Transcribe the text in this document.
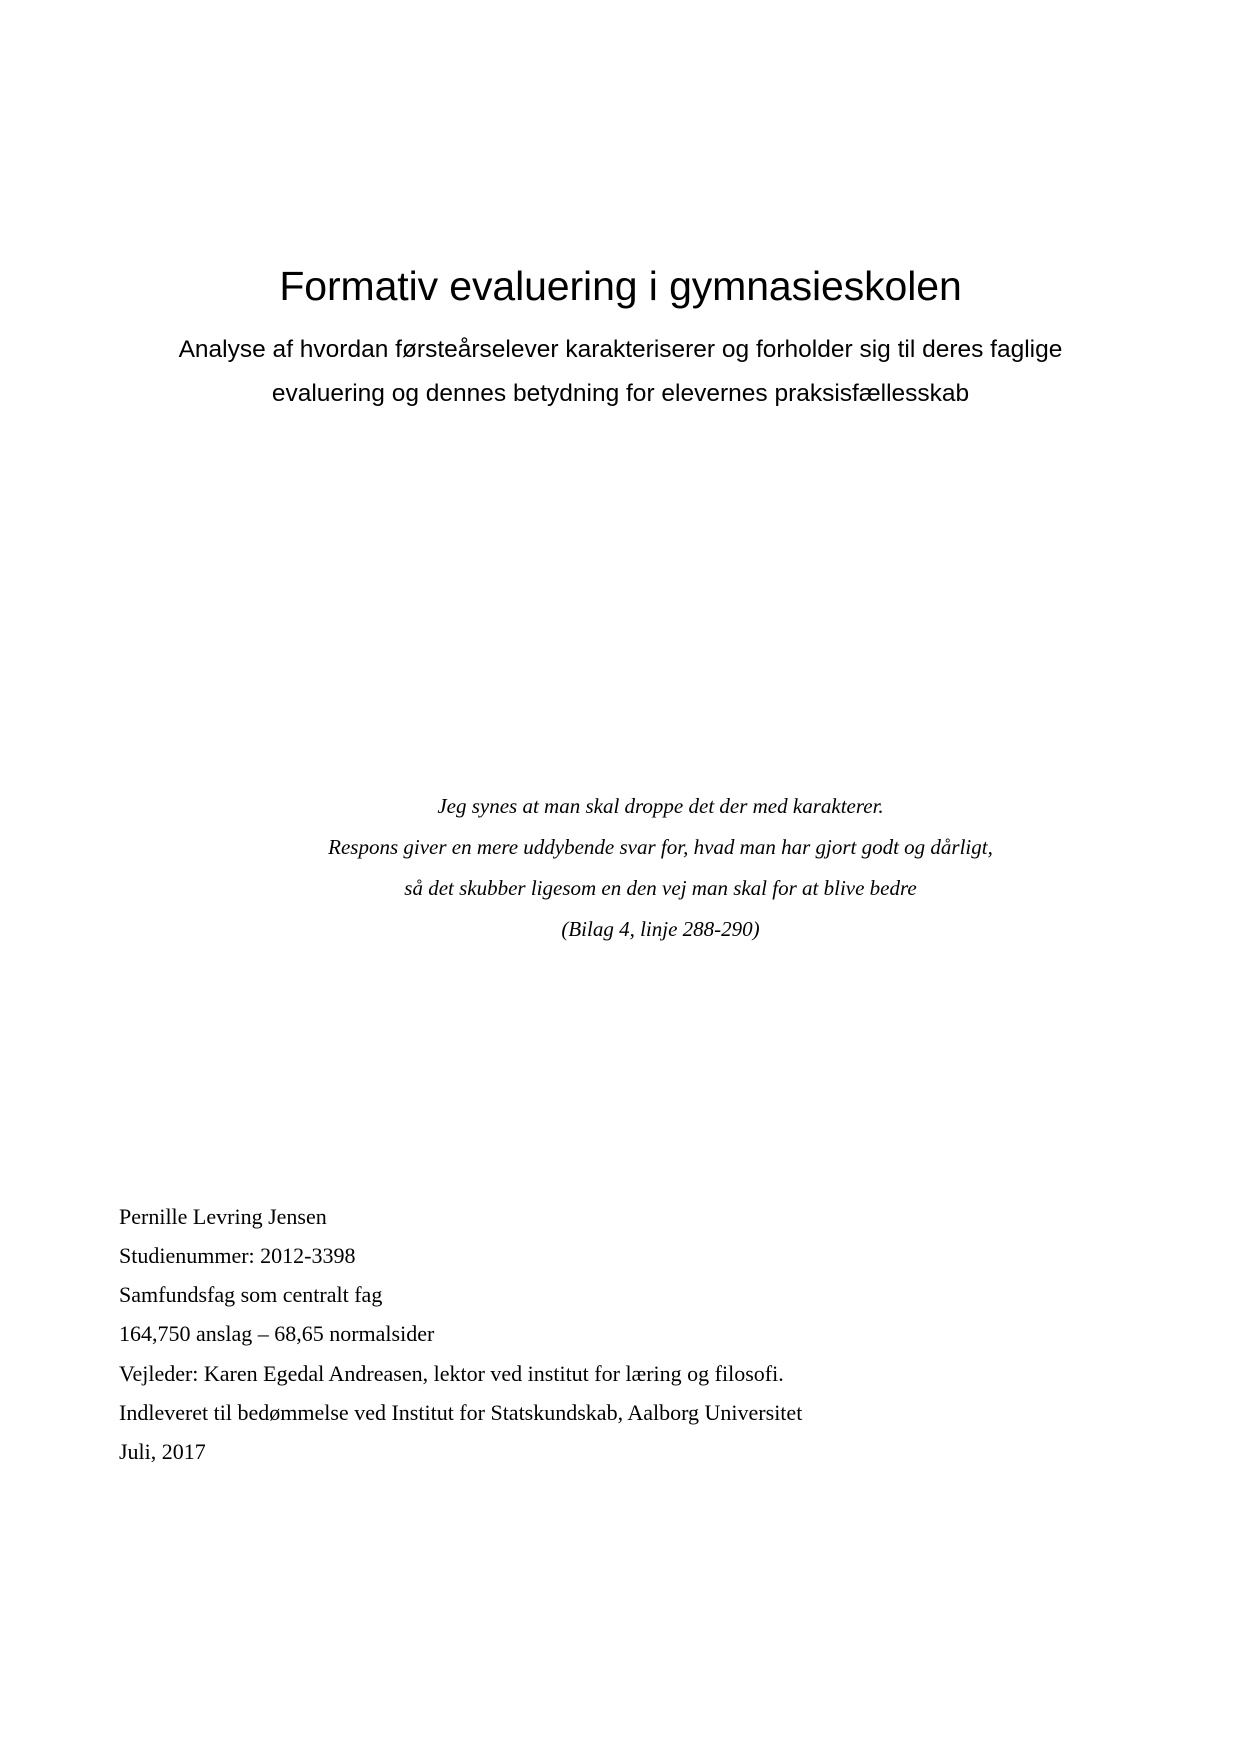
Formativ evaluering i gymnasieskolen

Analyse af hvordan førsteårselever karakteriserer og forholder sig til deres faglige

evaluering og dennes betydning for elevernes praksisfællesskab

Jeg synes at man skal droppe det der med karakterer.
Respons giver en mere uddybende svar for, hvad man har gjort godt og dårligt,
så det skubber ligesom en den vej man skal for at blive bedre
(Bilag 4, linje 288-290)
Pernille Levring Jensen
Studienummer: 2012-3398
Samfundsfag som centralt fag
164,750 anslag – 68,65 normalsider
Vejleder: Karen Egedal Andreasen, lektor ved institut for læring og filosofi.
Indleveret til bedømmelse ved Institut for Statskundskab, Aalborg Universitet
Juli, 2017
